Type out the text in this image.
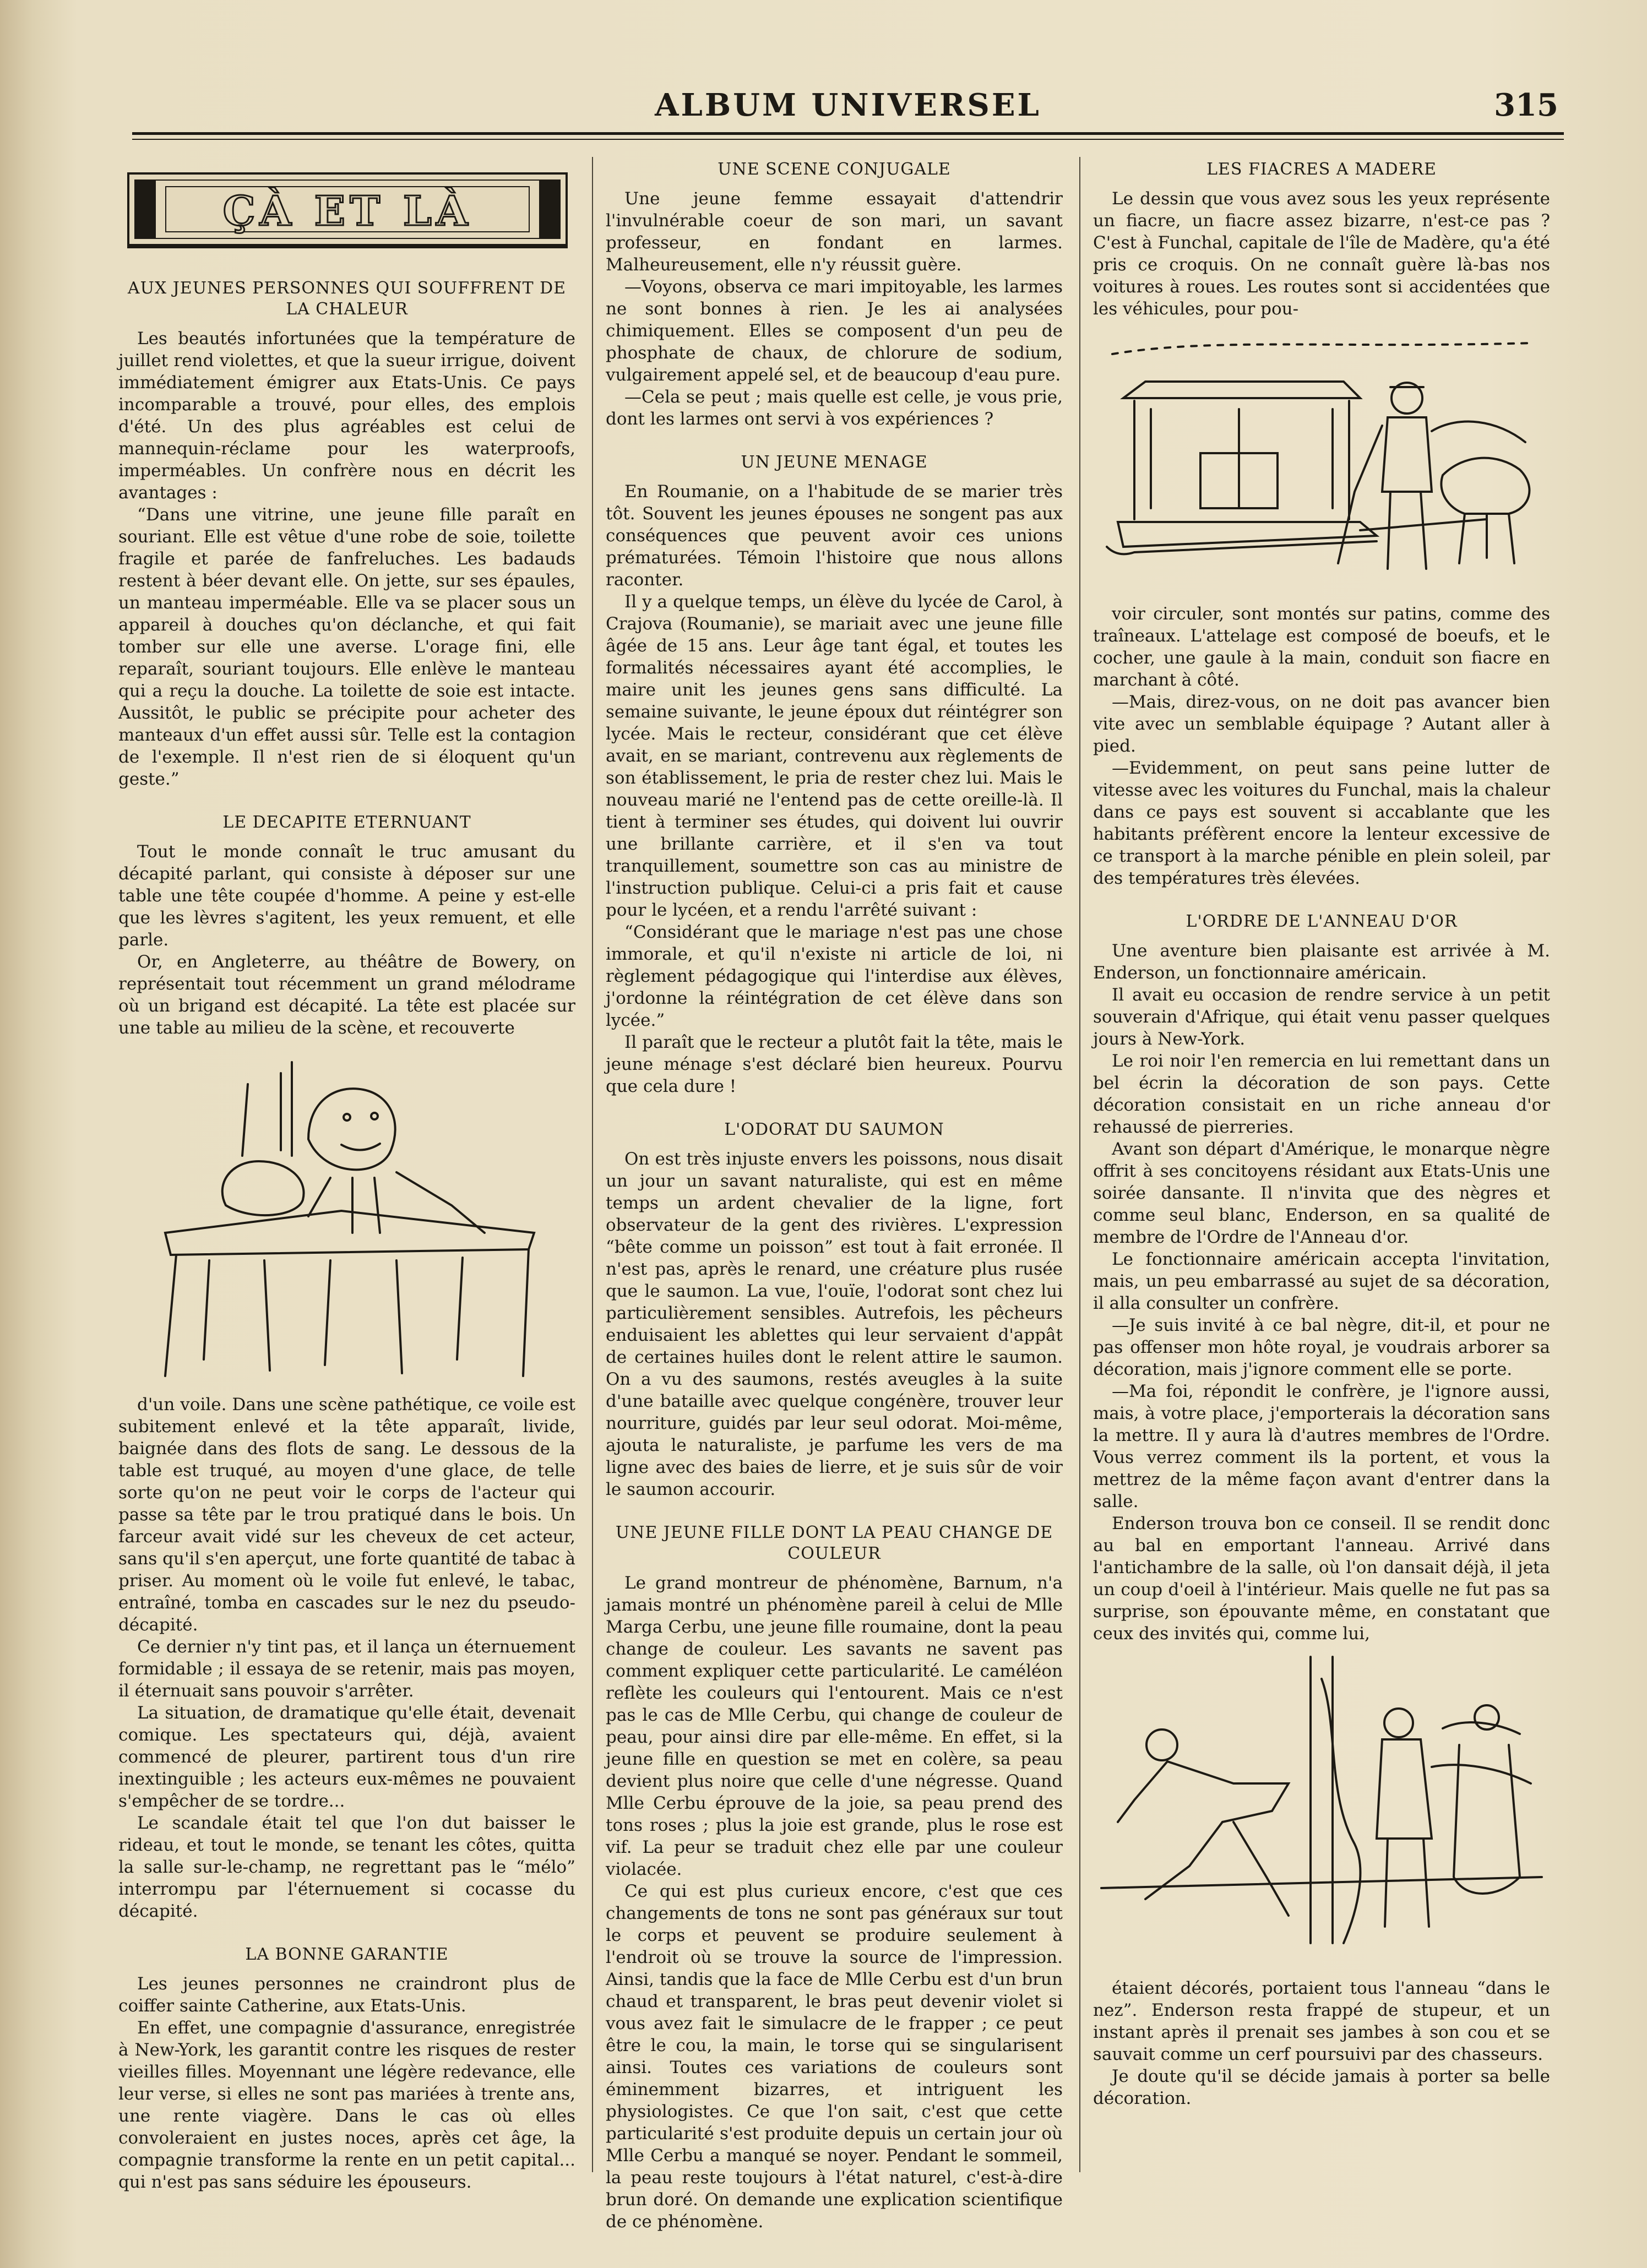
ALBUM UNIVERSEL	315
ÇÀ ET LÀ
AUX JEUNES PERSONNES QUI SOUFFRENT DE LA CHALEUR

Les beautés infortunées que la température de juillet rend violettes, et que la sueur irrigue, doivent immédiatement émigrer aux Etats-Unis. Ce pays incomparable a trouvé, pour elles, des emplois d'été. Un des plus agréables est celui de mannequin-réclame pour les waterproofs, imperméables. Un confrère nous en décrit les avantages :

“Dans une vitrine, une jeune fille paraît en souriant. Elle est vêtue d'une robe de soie, toilette fragile et parée de fanfreluches. Les badauds restent à béer devant elle. On jette, sur ses épaules, un manteau imperméable. Elle va se placer sous un appareil à douches qu'on déclanche, et qui fait tomber sur elle une averse. L'orage fini, elle reparaît, souriant toujours. Elle enlève le manteau qui a reçu la douche. La toilette de soie est intacte. Aussitôt, le public se précipite pour acheter des manteaux d'un effet aussi sûr. Telle est la contagion de l'exemple. Il n'est rien de si éloquent qu'un geste.”

LE DECAPITE ETERNUANT

Tout le monde connaît le truc amusant du décapité parlant, qui consiste à déposer sur une table une tête coupée d'homme. A peine y est-elle que les lèvres s'agitent, les yeux remuent, et elle parle.

Or, en Angleterre, au théâtre de Bowery, on représentait tout récemment un grand mélodrame où un brigand est décapité. La tête est placée sur une table au milieu de la scène, et recouverte

d'un voile. Dans une scène pathétique, ce voile est subitement enlevé et la tête apparaît, livide, baignée dans des flots de sang. Le dessous de la table est truqué, au moyen d'une glace, de telle sorte qu'on ne peut voir le corps de l'acteur qui passe sa tête par le trou pratiqué dans le bois. Un farceur avait vidé sur les cheveux de cet acteur, sans qu'il s'en aperçut, une forte quantité de tabac à priser. Au moment où le voile fut enlevé, le tabac, entraîné, tomba en cascades sur le nez du pseudo-décapité.

Ce dernier n'y tint pas, et il lança un éternuement formidable ; il essaya de se retenir, mais pas moyen, il éternuait sans pouvoir s'arrêter.

La situation, de dramatique qu'elle était, devenait comique. Les spectateurs qui, déjà, avaient commencé de pleurer, partirent tous d'un rire inextinguible ; les acteurs eux-mêmes ne pouvaient s'empêcher de se tordre...

Le scandale était tel que l'on dut baisser le rideau, et tout le monde, se tenant les côtes, quitta la salle sur-le-champ, ne regrettant pas le “mélo” interrompu par l'éternuement si cocasse du décapité.

LA BONNE GARANTIE

Les jeunes personnes ne craindront plus de coiffer sainte Catherine, aux Etats-Unis.

En effet, une compagnie d'assurance, enregistrée à New-York, les garantit contre les risques de rester vieilles filles. Moyennant une légère redevance, elle leur verse, si elles ne sont pas mariées à trente ans, une rente viagère. Dans le cas où elles convoleraient en justes noces, après cet âge, la compagnie transforme la rente en un petit capital... qui n'est pas sans séduire les épouseurs.

UNE SCENE CONJUGALE

Une jeune femme essayait d'attendrir l'invulnérable coeur de son mari, un savant professeur, en fondant en larmes. Malheureusement, elle n'y réussit guère.

—Voyons, observa ce mari impitoyable, les larmes ne sont bonnes à rien. Je les ai analysées chimiquement. Elles se composent d'un peu de phosphate de chaux, de chlorure de sodium, vulgairement appelé sel, et de beaucoup d'eau pure.

—Cela se peut ; mais quelle est celle, je vous prie, dont les larmes ont servi à vos expériences ?

UN JEUNE MENAGE

En Roumanie, on a l'habitude de se marier très tôt. Souvent les jeunes épouses ne songent pas aux conséquences que peuvent avoir ces unions prématurées. Témoin l'histoire que nous allons raconter.

Il y a quelque temps, un élève du lycée de Carol, à Crajova (Roumanie), se mariait avec une jeune fille âgée de 15 ans. Leur âge tant égal, et toutes les formalités nécessaires ayant été accomplies, le maire unit les jeunes gens sans difficulté. La semaine suivante, le jeune époux dut réintégrer son lycée. Mais le recteur, considérant que cet élève avait, en se mariant, contrevenu aux règlements de son établissement, le pria de rester chez lui. Mais le nouveau marié ne l'entend pas de cette oreille-là. Il tient à terminer ses études, qui doivent lui ouvrir une brillante carrière, et il s'en va tout tranquillement, soumettre son cas au ministre de l'instruction publique. Celui-ci a pris fait et cause pour le lycéen, et a rendu l'arrêté suivant :

“Considérant que le mariage n'est pas une chose immorale, et qu'il n'existe ni article de loi, ni règlement pédagogique qui l'interdise aux élèves, j'ordonne la réintégration de cet élève dans son lycée.”

Il paraît que le recteur a plutôt fait la tête, mais le jeune ménage s'est déclaré bien heureux. Pourvu que cela dure !

L'ODORAT DU SAUMON

On est très injuste envers les poissons, nous disait un jour un savant naturaliste, qui est en même temps un ardent chevalier de la ligne, fort observateur de la gent des rivières. L'expression “bête comme un poisson” est tout à fait erronée. Il n'est pas, après le renard, une créature plus rusée que le saumon. La vue, l'ouïe, l'odorat sont chez lui particulièrement sensibles. Autrefois, les pêcheurs enduisaient les ablettes qui leur servaient d'appât de certaines huiles dont le relent attire le saumon. On a vu des saumons, restés aveugles à la suite d'une bataille avec quelque congénère, trouver leur nourriture, guidés par leur seul odorat. Moi-même, ajouta le naturaliste, je parfume les vers de ma ligne avec des baies de lierre, et je suis sûr de voir le saumon accourir.

UNE JEUNE FILLE DONT LA PEAU CHANGE DE COULEUR

Le grand montreur de phénomène, Barnum, n'a jamais montré un phénomène pareil à celui de Mlle Marga Cerbu, une jeune fille roumaine, dont la peau change de couleur. Les savants ne savent pas comment expliquer cette particularité. Le caméléon reflète les couleurs qui l'entourent. Mais ce n'est pas le cas de Mlle Cerbu, qui change de couleur de peau, pour ainsi dire par elle-même. En effet, si la jeune fille en question se met en colère, sa peau devient plus noire que celle d'une négresse. Quand Mlle Cerbu éprouve de la joie, sa peau prend des tons roses ; plus la joie est grande, plus le rose est vif. La peur se traduit chez elle par une couleur violacée.

Ce qui est plus curieux encore, c'est que ces changements de tons ne sont pas généraux sur tout le corps et peuvent se produire seulement à l'endroit où se trouve la source de l'impression. Ainsi, tandis que la face de Mlle Cerbu est d'un brun chaud et transparent, le bras peut devenir violet si vous avez fait le simulacre de le frapper ; ce peut être le cou, la main, le torse qui se singularisent ainsi. Toutes ces variations de couleurs sont éminemment bizarres, et intriguent les physiologistes. Ce que l'on sait, c'est que cette particularité s'est produite depuis un certain jour où Mlle Cerbu a manqué se noyer. Pendant le sommeil, la peau reste toujours à l'état naturel, c'est-à-dire brun doré. On demande une explication scientifique de ce phénomène.

LES FIACRES A MADERE

Le dessin que vous avez sous les yeux représente un fiacre, un fiacre assez bizarre, n'est-ce pas ? C'est à Funchal, capitale de l'île de Madère, qu'a été pris ce croquis. On ne connaît guère là-bas nos voitures à roues. Les routes sont si accidentées que les véhicules, pour pou-

voir circuler, sont montés sur patins, comme des traîneaux. L'attelage est composé de boeufs, et le cocher, une gaule à la main, conduit son fiacre en marchant à côté.

—Mais, direz-vous, on ne doit pas avancer bien vite avec un semblable équipage ? Autant aller à pied.

—Evidemment, on peut sans peine lutter de vitesse avec les voitures du Funchal, mais la chaleur dans ce pays est souvent si accablante que les habitants préfèrent encore la lenteur excessive de ce transport à la marche pénible en plein soleil, par des températures très élevées.

L'ORDRE DE L'ANNEAU D'OR

Une aventure bien plaisante est arrivée à M. Enderson, un fonctionnaire américain.

Il avait eu occasion de rendre service à un petit souverain d'Afrique, qui était venu passer quelques jours à New-York.

Le roi noir l'en remercia en lui remettant dans un bel écrin la décoration de son pays. Cette décoration consistait en un riche anneau d'or rehaussé de pierreries.

Avant son départ d'Amérique, le monarque nègre offrit à ses concitoyens résidant aux Etats-Unis une soirée dansante. Il n'invita que des nègres et comme seul blanc, Enderson, en sa qualité de membre de l'Ordre de l'Anneau d'or.

Le fonctionnaire américain accepta l'invitation, mais, un peu embarrassé au sujet de sa décoration, il alla consulter un confrère.

—Je suis invité à ce bal nègre, dit-il, et pour ne pas offenser mon hôte royal, je voudrais arborer sa décoration, mais j'ignore comment elle se porte.

—Ma foi, répondit le confrère, je l'ignore aussi, mais, à votre place, j'emporterais la décoration sans la mettre. Il y aura là d'autres membres de l'Ordre. Vous verrez comment ils la portent, et vous la mettrez de la même façon avant d'entrer dans la salle.

Enderson trouva bon ce conseil. Il se rendit donc au bal en emportant l'anneau. Arrivé dans l'antichambre de la salle, où l'on dansait déjà, il jeta un coup d'oeil à l'intérieur. Mais quelle ne fut pas sa surprise, son épouvante même, en constatant que ceux des invités qui, comme lui,

étaient décorés, portaient tous l'anneau “dans le nez”. Enderson resta frappé de stupeur, et un instant après il prenait ses jambes à son cou et se sauvait comme un cerf poursuivi par des chasseurs.

Je doute qu'il se décide jamais à porter sa belle décoration.
